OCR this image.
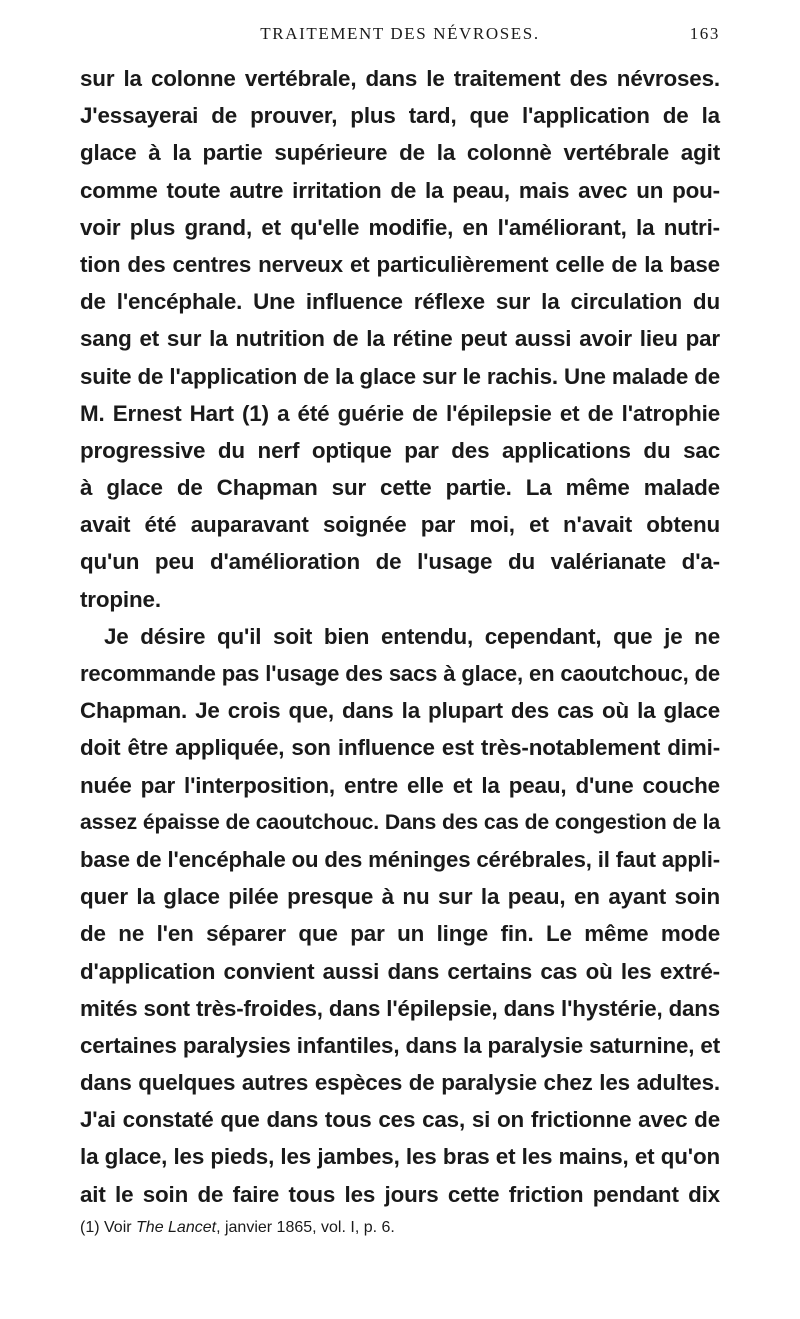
TRAITEMENT DES NÉVROSES.	163
sur la colonne vertébrale, dans le traitement des névroses.
J'essayerai de prouver, plus tard, que l'application de la
glace à la partie supérieure de la colonnè vertébrale agit
comme toute autre irritation de la peau, mais avec un pou-
voir plus grand, et qu'elle modifie, en l'améliorant, la nutri-
tion des centres nerveux et particulièrement celle de la base
de l'encéphale. Une influence réflexe sur la circulation du
sang et sur la nutrition de la rétine peut aussi avoir lieu par
suite de l'application de la glace sur le rachis. Une malade de
M. Ernest Hart (1) a été guérie de l'épilepsie et de l'atrophie
progressive du nerf optique par des applications du sac
à glace de Chapman sur cette partie. La même malade
avait été auparavant soignée par moi, et n'avait obtenu
qu'un peu d'amélioration de l'usage du valérianate d'a-
tropine.
Je désire qu'il soit bien entendu, cependant, que je ne
recommande pas l'usage des sacs à glace, en caoutchouc, de
Chapman. Je crois que, dans la plupart des cas où la glace
doit être appliquée, son influence est très-notablement dimi-
nuée par l'interposition, entre elle et la peau, d'une couche
assez épaisse de caoutchouc. Dans des cas de congestion de la
base de l'encéphale ou des méninges cérébrales, il faut appli-
quer la glace pilée presque à nu sur la peau, en ayant soin
de ne l'en séparer que par un linge fin. Le même mode
d'application convient aussi dans certains cas où les extré-
mités sont très-froides, dans l'épilepsie, dans l'hystérie, dans
certaines paralysies infantiles, dans la paralysie saturnine, et
dans quelques autres espèces de paralysie chez les adultes.
J'ai constaté que dans tous ces cas, si on frictionne avec de
la glace, les pieds, les jambes, les bras et les mains, et qu'on
ait le soin de faire tous les jours cette friction pendant dix
(1) Voir The Lancet, janvier 1865, vol. I, p. 6.
